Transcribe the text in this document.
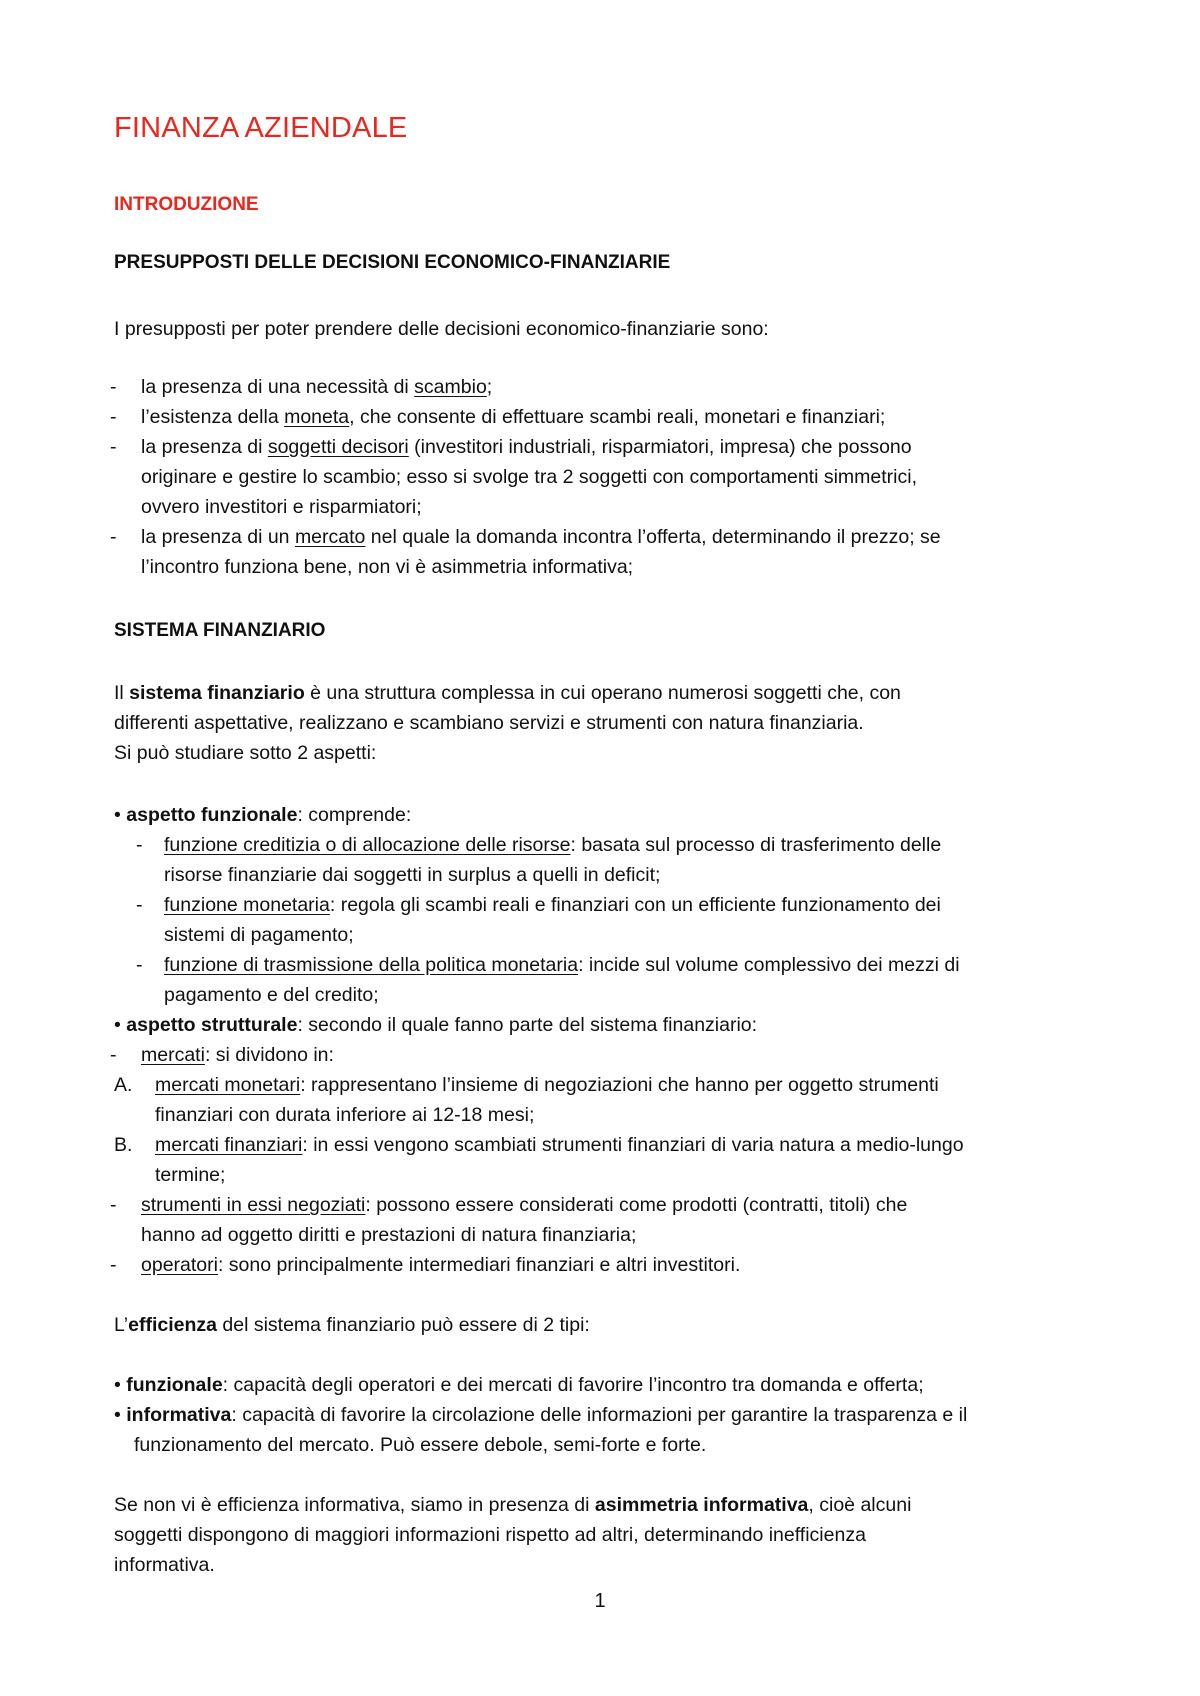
FINANZA AZIENDALE
INTRODUZIONE
PRESUPPOSTI DELLE DECISIONI ECONOMICO-FINANZIARIE
I presupposti per poter prendere delle decisioni economico-finanziarie sono:
- la presenza di una necessità di scambio;
- l’esistenza della moneta, che consente di effettuare scambi reali, monetari e finanziari;
- la presenza di soggetti decisori (investitori industriali, risparmiatori, impresa) che possono
originare e gestire lo scambio; esso si svolge tra 2 soggetti con comportamenti simmetrici,
ovvero investitori e risparmiatori;
- la presenza di un mercato nel quale la domanda incontra l’offerta, determinando il prezzo; se
l’incontro funziona bene, non vi è asimmetria informativa;
SISTEMA FINANZIARIO
Il sistema finanziario è una struttura complessa in cui operano numerosi soggetti che, con
differenti aspettative, realizzano e scambiano servizi e strumenti con natura finanziaria.
Si può studiare sotto 2 aspetti:
• aspetto funzionale: comprende:
- funzione creditizia o di allocazione delle risorse: basata sul processo di trasferimento delle
risorse finanziarie dai soggetti in surplus a quelli in deficit;
- funzione monetaria: regola gli scambi reali e finanziari con un efficiente funzionamento dei
sistemi di pagamento;
- funzione di trasmissione della politica monetaria: incide sul volume complessivo dei mezzi di
pagamento e del credito;
• aspetto strutturale: secondo il quale fanno parte del sistema finanziario:
- mercati: si dividono in:
A. mercati monetari: rappresentano l’insieme di negoziazioni che hanno per oggetto strumenti
finanziari con durata inferiore ai 12-18 mesi;
B. mercati finanziari: in essi vengono scambiati strumenti finanziari di varia natura a medio-lungo
termine;
- strumenti in essi negoziati: possono essere considerati come prodotti (contratti, titoli) che
hanno ad oggetto diritti e prestazioni di natura finanziaria;
- operatori: sono principalmente intermediari finanziari e altri investitori.
L’efficienza del sistema finanziario può essere di 2 tipi:
• funzionale: capacità degli operatori e dei mercati di favorire l’incontro tra domanda e offerta;
• informativa: capacità di favorire la circolazione delle informazioni per garantire la trasparenza e il
funzionamento del mercato. Può essere debole, semi-forte e forte.
Se non vi è efficienza informativa, siamo in presenza di asimmetria informativa, cioè alcuni
soggetti dispongono di maggiori informazioni rispetto ad altri, determinando inefficienza
informativa.
1
